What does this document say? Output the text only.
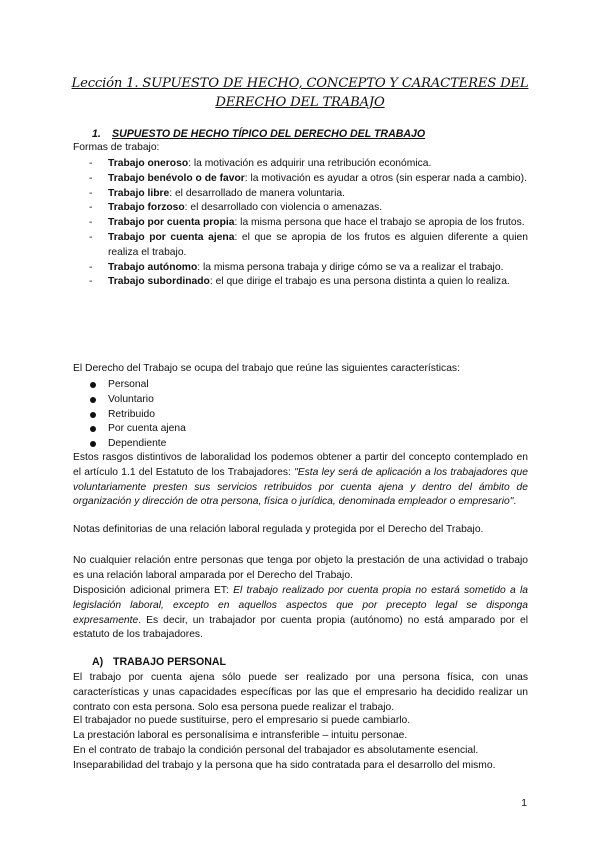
Lección 1. SUPUESTO DE HECHO, CONCEPTO Y CARACTERES DEL DERECHO DEL TRABAJO
1. SUPUESTO DE HECHO TÍPICO DEL DERECHO DEL TRABAJO
Formas de trabajo:
- Trabajo oneroso: la motivación es adquirir una retribución económica.
- Trabajo benévolo o de favor: la motivación es ayudar a otros (sin esperar nada a cambio).
- Trabajo libre: el desarrollado de manera voluntaria.
- Trabajo forzoso: el desarrollado con violencia o amenazas.
- Trabajo por cuenta propia: la misma persona que hace el trabajo se apropia de los frutos.
- Trabajo por cuenta ajena: el que se apropia de los frutos es alguien diferente a quien realiza el trabajo.
- Trabajo autónomo: la misma persona trabaja y dirige cómo se va a realizar el trabajo.
- Trabajo subordinado: el que dirige el trabajo es una persona distinta a quien lo realiza.
El Derecho del Trabajo se ocupa del trabajo que reúne las siguientes características:
Personal
Voluntario
Retribuido
Por cuenta ajena
Dependiente
Estos rasgos distintivos de laboralidad los podemos obtener a partir del concepto contemplado en el artículo 1.1 del Estatuto de los Trabajadores: "Esta ley será de aplicación a los trabajadores que voluntariamente presten sus servicios retribuidos por cuenta ajena y dentro del ámbito de organización y dirección de otra persona, física o jurídica, denominada empleador o empresario".
Notas definitorias de una relación laboral regulada y protegida por el Derecho del Trabajo.
No cualquier relación entre personas que tenga por objeto la prestación de una actividad o trabajo es una relación laboral amparada por el Derecho del Trabajo.
Disposición adicional primera ET: El trabajo realizado por cuenta propia no estará sometido a la legislación laboral, excepto en aquellos aspectos que por precepto legal se disponga expresamente. Es decir, un trabajador por cuenta propia (autónomo) no está amparado por el estatuto de los trabajadores.
A) TRABAJO PERSONAL
El trabajo por cuenta ajena sólo puede ser realizado por una persona física, con unas características y unas capacidades específicas por las que el empresario ha decidido realizar un contrato con esta persona. Solo esa persona puede realizar el trabajo.
El trabajador no puede sustituirse, pero el empresario si puede cambiarlo.
La prestación laboral es personalísima e intransferible – intuitu personae.
En el contrato de trabajo la condición personal del trabajador es absolutamente esencial.
Inseparabilidad del trabajo y la persona que ha sido contratada para el desarrollo del mismo.
1
